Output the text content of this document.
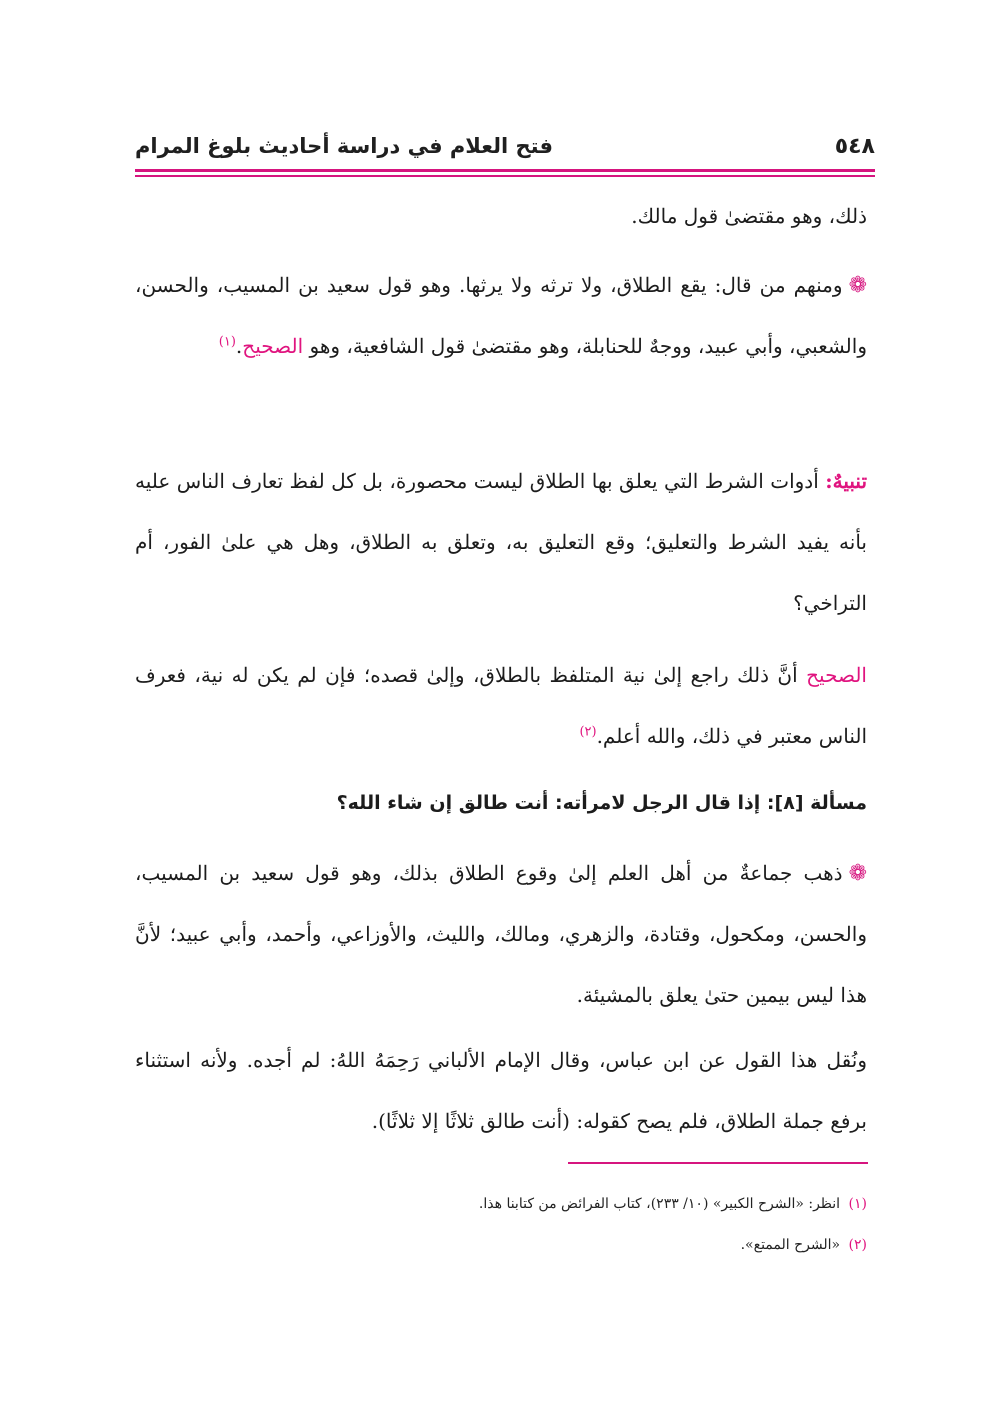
٥٤٨
فتح العلام في دراسة أحاديث بلوغ المرام
ذلك، وهو مقتضىٰ قول مالك.
❁ومنهم من قال: يقع الطلاق، ولا ترثه ولا يرثها. وهو قول سعيد بن المسيب، والحسن، والشعبي، وأبي عبيد، ووجهٌ للحنابلة، وهو مقتضىٰ قول الشافعية، وهو الصحيح.$^{(١)}$
تنبيهٌ: أدوات الشرط التي يعلق بها الطلاق ليست محصورة، بل كل لفظ تعارف الناس عليه بأنه يفيد الشرط والتعليق؛ وقع التعليق به، وتعلق به الطلاق، وهل هي علىٰ الفور، أم التراخي؟
الصحيح أنَّ ذلك راجع إلىٰ نية المتلفظ بالطلاق، وإلىٰ قصده؛ فإن لم يكن له نية، فعرف الناس معتبر في ذلك، والله أعلم.$^{(٢)}$
مسألة [٨]: إذا قال الرجل لامرأته: أنت طالق إن شاء الله؟
❁ذهب جماعةٌ من أهل العلم إلىٰ وقوع الطلاق بذلك، وهو قول سعيد بن المسيب، والحسن، ومكحول، وقتادة، والزهري، ومالك، والليث، والأوزاعي، وأحمد، وأبي عبيد؛ لأنَّ هذا ليس بيمين حتىٰ يعلق بالمشيئة.
ونُقل هذا القول عن ابن عباس، وقال الإمام الألباني رَحِمَهُ اللهُ: لم أجده. ولأنه استثناء برفع جملة الطلاق، فلم يصح كقوله: (أنت طالق ثلاثًا إلا ثلاثًا).
(١) انظر: «الشرح الكبير» (١٠/ ٢٣٣)، كتاب الفرائض من كتابنا هذا.
(٢) «الشرح الممتع».
